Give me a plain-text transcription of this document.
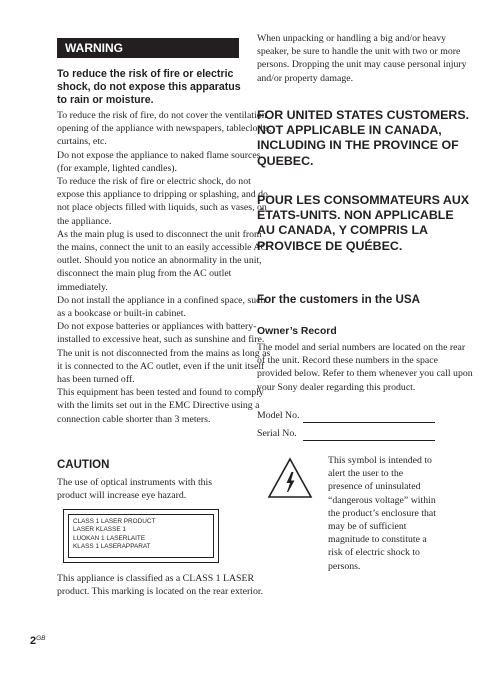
WARNING

To reduce the risk of fire or electric shock, do not expose this apparatus to rain or moisture.

To reduce the risk of fire, do not cover the ventilation opening of the appliance with newspapers, tablecloths, curtains, etc.

Do not expose the appliance to naked flame sources (for example, lighted candles).

To reduce the risk of fire or electric shock, do not expose this appliance to dripping or splashing, and do not place objects filled with liquids, such as vases, on the appliance.

As the main plug is used to disconnect the unit from the mains, connect the unit to an easily accessible AC outlet. Should you notice an abnormality in the unit, disconnect the main plug from the AC outlet immediately.

Do not install the appliance in a confined space, such as a bookcase or built-in cabinet.

Do not expose batteries or appliances with battery-installed to excessive heat, such as sunshine and fire.

The unit is not disconnected from the mains as long as it is connected to the AC outlet, even if the unit itself has been turned off.

This equipment has been tested and found to comply with the limits set out in the EMC Directive using a connection cable shorter than 3 meters.

CAUTION

The use of optical instruments with this product will increase eye hazard.

CLASS 1 LASER PRODUCT
LASER KLASSE 1
LUOKAN 1 LASERLAITE
KLASS 1 LASERAPPARAT

This appliance is classified as a CLASS 1 LASER product. This marking is located on the rear exterior.

When unpacking or handling a big and/or heavy speaker, be sure to handle the unit with two or more persons. Dropping the unit may cause personal injury and/or property damage.

FOR UNITED STATES CUSTOMERS. NOT APPLICABLE IN CANADA, INCLUDING IN THE PROVINCE OF QUEBEC.

POUR LES CONSOMMATEURS AUX ÉTATS-UNITS. NON APPLICABLE AU CANADA, Y COMPRIS LA PROVIBCE DE QUÉBEC.

For the customers in the USA

Owner’s Record

The model and serial numbers are located on the rear of the unit. Record these numbers in the space provided below. Refer to them whenever you call upon your Sony dealer regarding this product.

Model No.
Serial No.

This symbol is intended to alert the user to the presence of uninsulated “dangerous voltage” within the product’s enclosure that may be of sufficient magnitude to constitute a risk of electric shock to persons.

$2^{GB}$
